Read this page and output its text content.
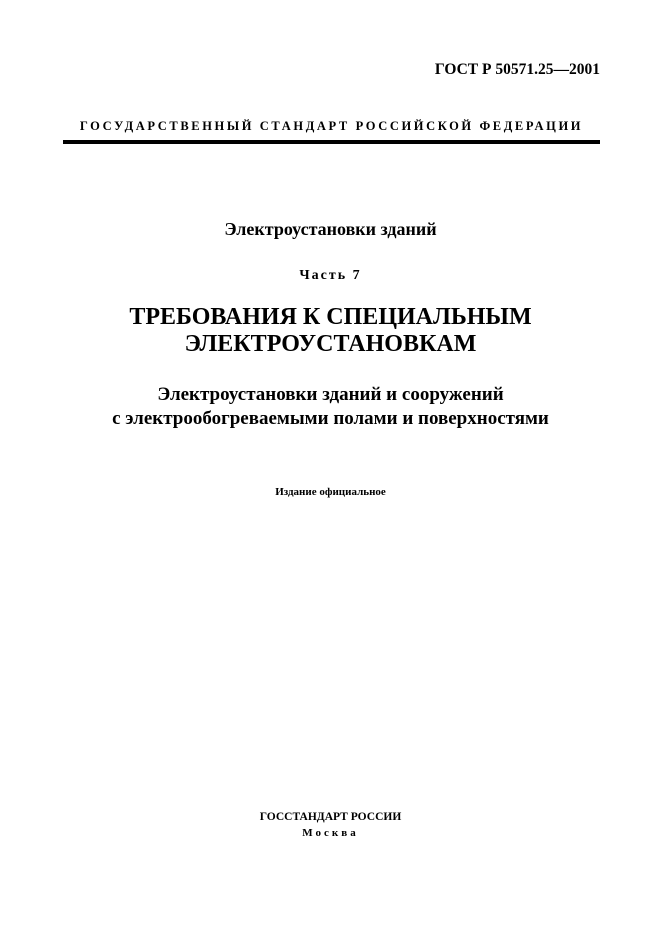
ГОСТ Р 50571.25—2001
ГОСУДАРСТВЕННЫЙ СТАНДАРТ РОССИЙСКОЙ ФЕДЕРАЦИИ
Электроустановки зданий
Часть 7
ТРЕБОВАНИЯ К СПЕЦИАЛЬНЫМ
ЭЛЕКТРОУСТАНОВКАМ
Электроустановки зданий и сооружений
с электрообогреваемыми полами и поверхностями
Издание официальное
ГОССТАНДАРТ РОССИИ
Москва
